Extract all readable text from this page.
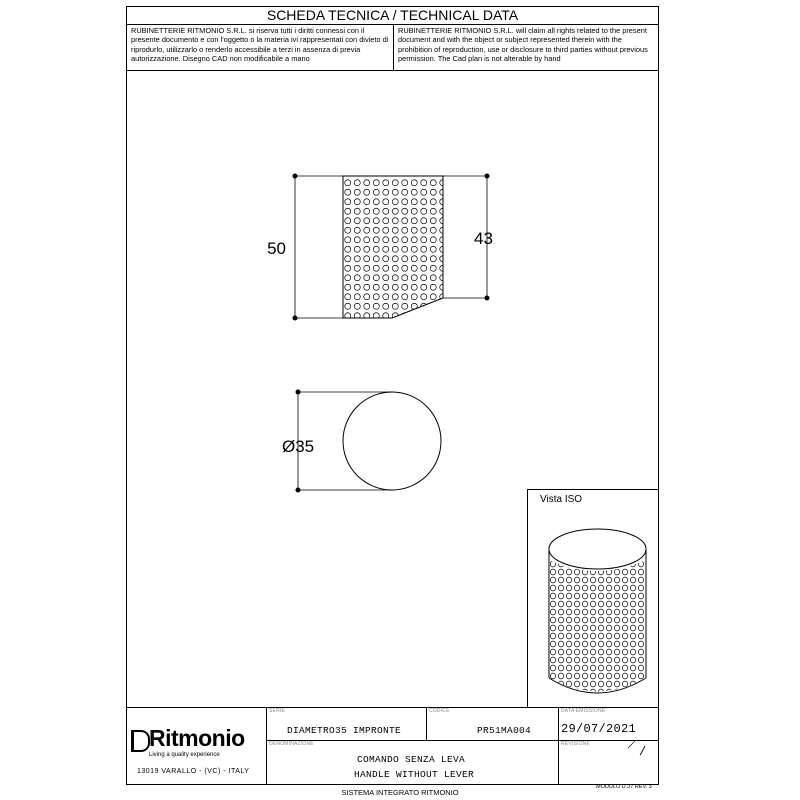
SCHEDA TECNICA / TECHNICAL DATA
RUBINETTERIE RITMONIO S.R.L. si riserva tutti i diritti connessi con il presente documento e con l'oggetto o la materia ivi rappresentati con divieto di riprodurlo, utilizzarlo o renderlo accessibile a terzi in assenza di previa autorizzazione. Disegno CAD non modificabile a mano
RUBINETTERIE RITMONIO S.R.L. will claim all rights related to the present document and with the object or subject represented therein with the prohibition of reproduction, use or disclosure to third parties without previous permission. The Cad plan is not alterable by hand
Vista ISO
Ritmonio
Living a quality experience
13019 VARALLO - (VC) - ITALY
SERIE
DIAMETRO35 IMPRONTE
CODICE
PR51MA004
DATA EMISSIONE
29/07/2021
DENOMINAZIONE
COMANDO SENZA LEVA
HANDLE WITHOUT LEVER
REVISIONE
/
50
43
Ø35
SISTEMA INTEGRATO RITMONIO
MODULO D.37 REV. 3
